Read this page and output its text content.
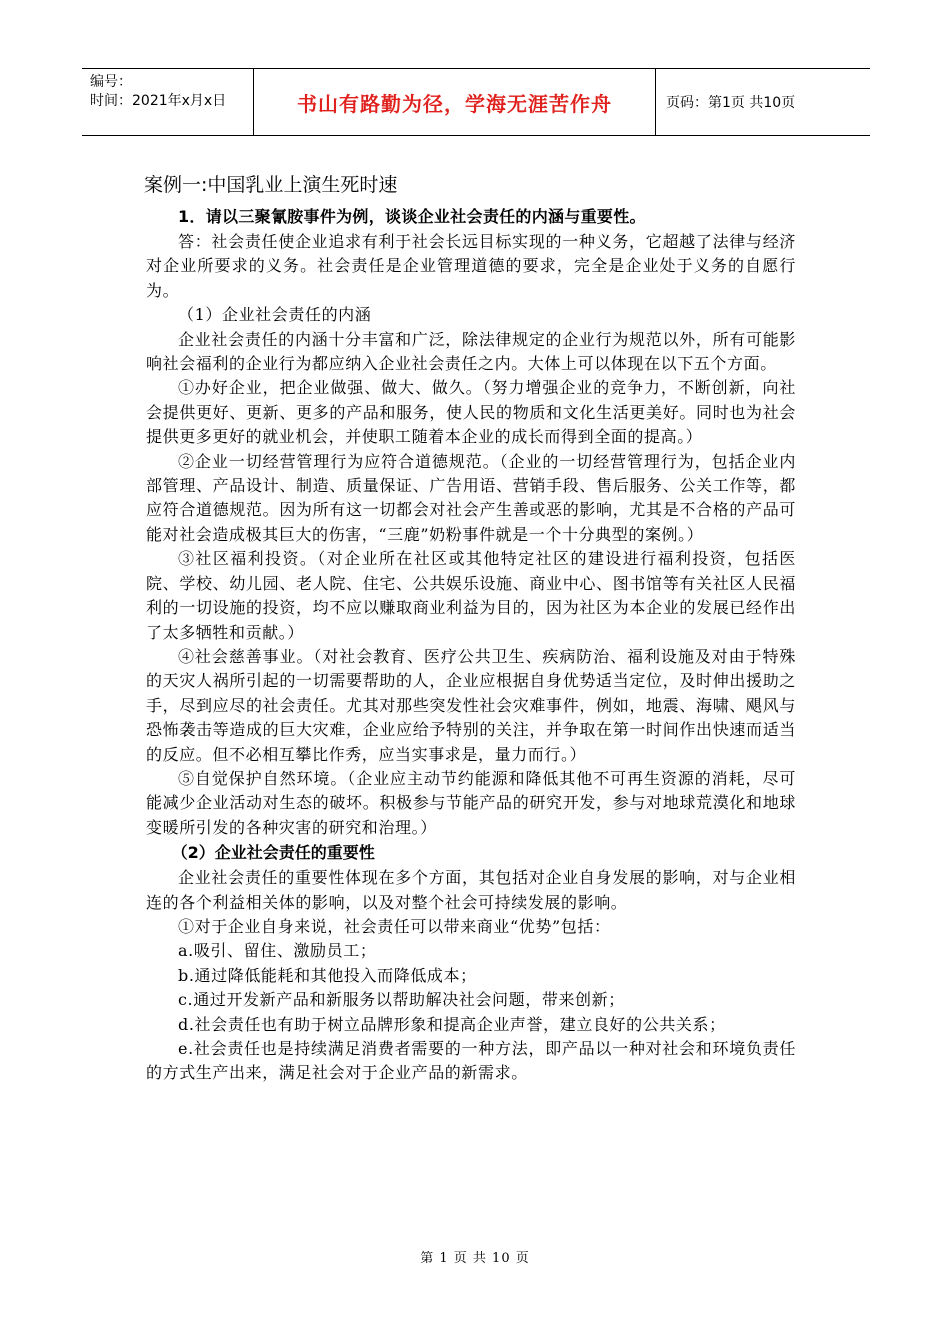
编号：
时间：2021年x月x日	书山有路勤为径，学海无涯苦作舟	页码：第1页 共10页
案例一:中国乳业上演生死时速

1．请以三聚氰胺事件为例，谈谈企业社会责任的内涵与重要性。

答：社会责任使企业追求有利于社会长远目标实现的一种义务，它超越了法律与经济对企业所要求的义务。社会责任是企业管理道德的要求，完全是企业处于义务的自愿行为。

（1）企业社会责任的内涵

企业社会责任的内涵十分丰富和广泛，除法律规定的企业行为规范以外，所有可能影响社会福利的企业行为都应纳入企业社会责任之内。大体上可以体现在以下五个方面。

①办好企业，把企业做强、做大、做久。（努力增强企业的竞争力，不断创新，向社会提供更好、更新、更多的产品和服务，使人民的物质和文化生活更美好。同时也为社会提供更多更好的就业机会，并使职工随着本企业的成长而得到全面的提高。）

②企业一切经营管理行为应符合道德规范。（企业的一切经营管理行为，包括企业内部管理、产品设计、制造、质量保证、广告用语、营销手段、售后服务、公关工作等，都应符合道德规范。因为所有这一切都会对社会产生善或恶的影响，尤其是不合格的产品可能对社会造成极其巨大的伤害，“三鹿”奶粉事件就是一个十分典型的案例。）

③社区福利投资。（对企业所在社区或其他特定社区的建设进行福利投资，包括医院、学校、幼儿园、老人院、住宅、公共娱乐设施、商业中心、图书馆等有关社区人民福利的一切设施的投资，均不应以赚取商业利益为目的，因为社区为本企业的发展已经作出了太多牺牲和贡献。）

④社会慈善事业。（对社会教育、医疗公共卫生、疾病防治、福利设施及对由于特殊的天灾人祸所引起的一切需要帮助的人，企业应根据自身优势适当定位，及时伸出援助之手，尽到应尽的社会责任。尤其对那些突发性社会灾难事件，例如，地震、海啸、飓风与恐怖袭击等造成的巨大灾难，企业应给予特别的关注，并争取在第一时间作出快速而适当的反应。但不必相互攀比作秀，应当实事求是，量力而行。）

⑤自觉保护自然环境。（企业应主动节约能源和降低其他不可再生资源的消耗，尽可能减少企业活动对生态的破坏。积极参与节能产品的研究开发，参与对地球荒漠化和地球变暖所引发的各种灾害的研究和治理。）

（2）企业社会责任的重要性

企业社会责任的重要性体现在多个方面，其包括对企业自身发展的影响，对与企业相连的各个利益相关体的影响，以及对整个社会可持续发展的影响。

①对于企业自身来说，社会责任可以带来商业“优势”包括：

a.吸引、留住、激励员工；

b.通过降低能耗和其他投入而降低成本；

c.通过开发新产品和新服务以帮助解决社会问题，带来创新；

d.社会责任也有助于树立品牌形象和提高企业声誉，建立良好的公共关系；

e.社会责任也是持续满足消费者需要的一种方法，即产品以一种对社会和环境负责任的方式生产出来，满足社会对于企业产品的新需求。

第 1 页 共 10 页
